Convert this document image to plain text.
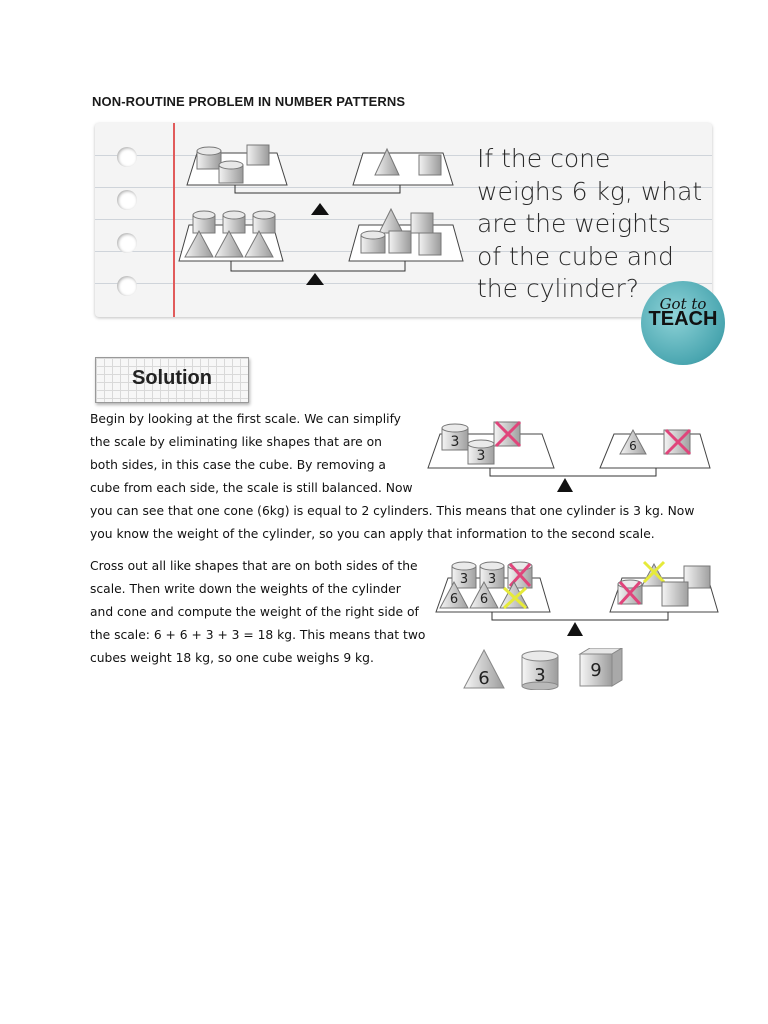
NON-ROUTINE PROBLEM IN NUMBER PATTERNS
If the cone
weighs 6 kg, what
are the weights
of the cube and
the cylinder?
Got to
TEACH
Solution

Begin by looking at the first scale. We can simplify

the scale by eliminating like shapes that are on

both sides, in this case the cube. By removing a

cube from each side, the scale is still balanced. Now

you can see that one cone (6kg) is equal to 2 cylinders. This means that one cylinder is 3 kg. Now

you know the weight of the cylinder, so you can apply that information to the second scale.

3
3
6

Cross out all like shapes that are on both sides of the

scale. Then write down the weights of the cylinder

and cone and compute the weight of the right side of

the scale: 6 + 6 + 3 + 3 = 18 kg. This means that two

cubes weight 18 kg, so one cube weighs 9 kg.

3 3
6 6
6 3 9
